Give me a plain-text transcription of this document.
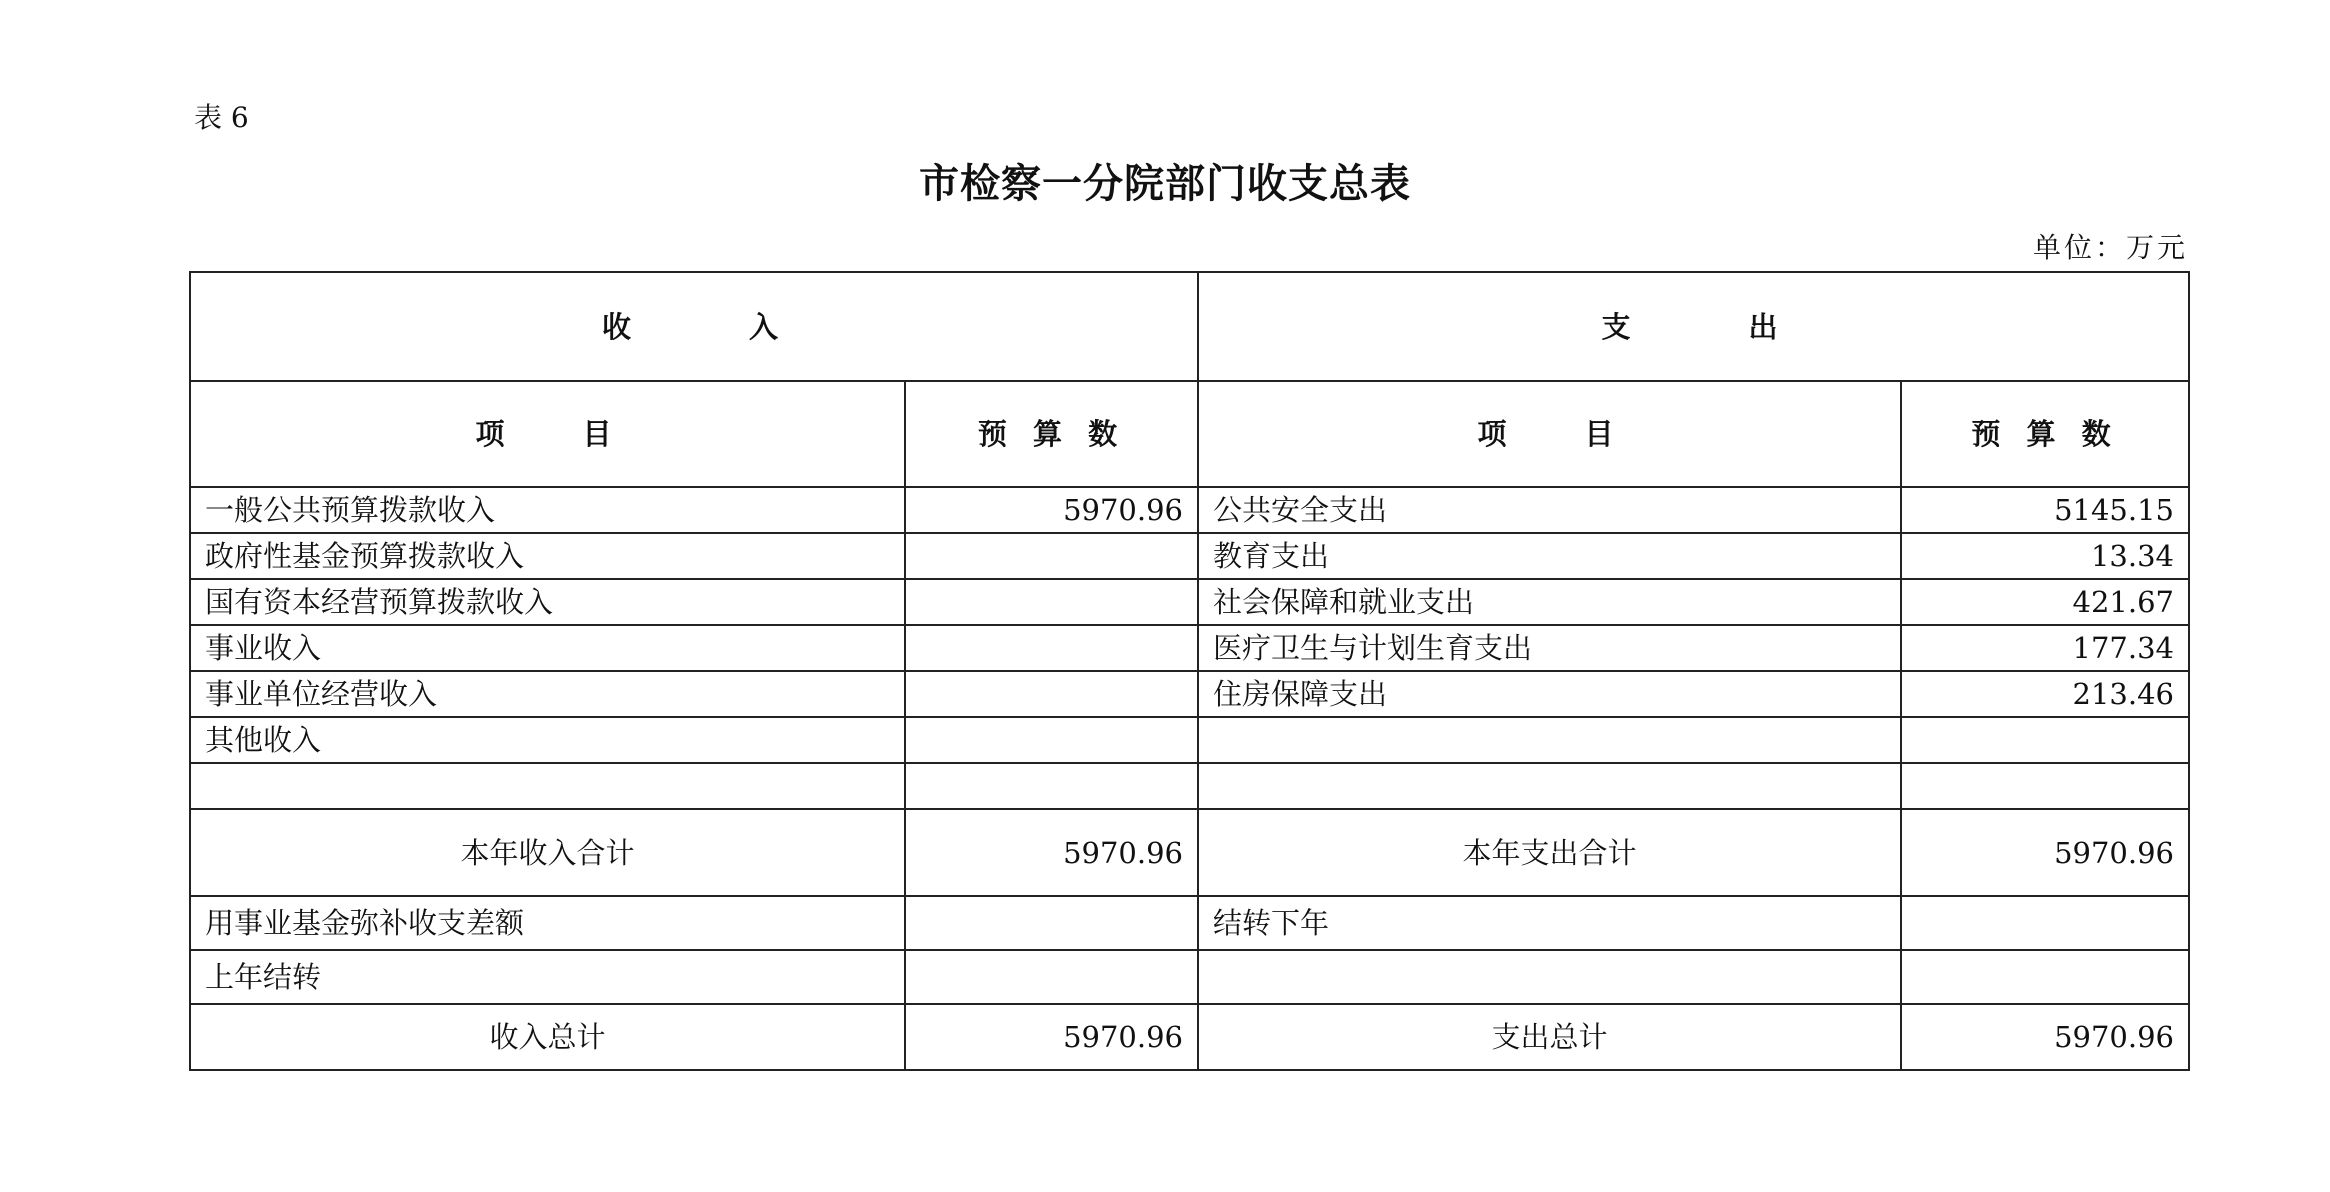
表 6
市检察一分院部门收支总表
单位：万元
收 入		支 出	
项 目	预 算 数	项 目	预 算 数
一般公共预算拨款收入	5970.96	公共安全支出	5145.15
政府性基金预算拨款收入		教育支出	13.34
国有资本经营预算拨款收入		社会保障和就业支出	421.67
事业收入		医疗卫生与计划生育支出	177.34
事业单位经营收入		住房保障支出	213.46
其他收入			

本年收入合计	5970.96	本年支出合计	5970.96
用事业基金弥补收支差额		结转下年	
上年结转			
收入总计	5970.96	支出总计	5970.96
